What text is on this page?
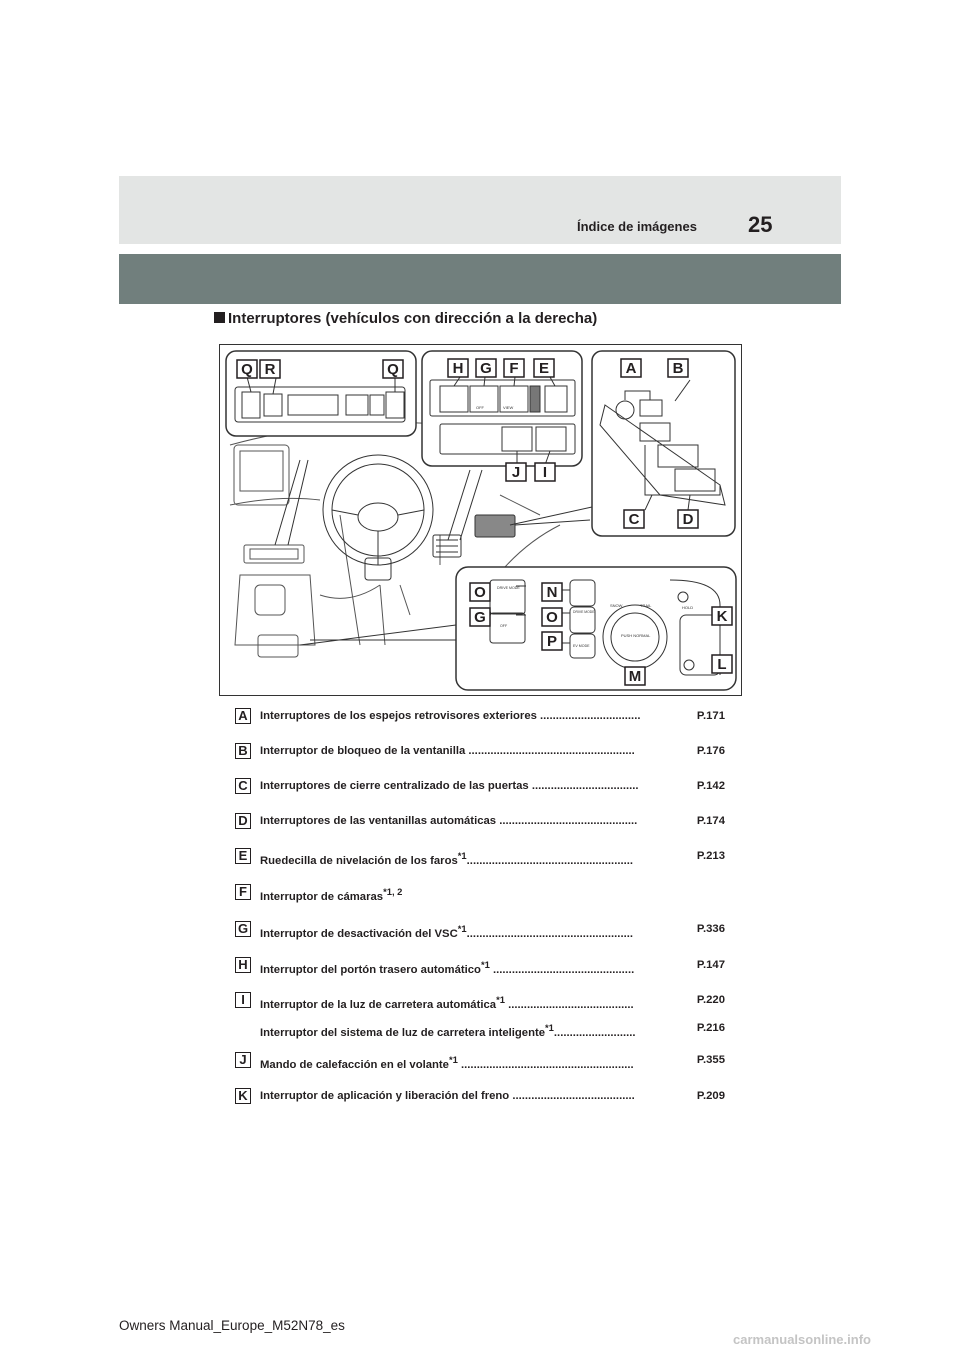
Índice de imágenes 25
Interruptores (vehículos con dirección a la derecha)
VIEW
OFF
DRIVE MODE
OFF
DRIVE MODE
EV MODE
PUSH NORMAL
SNOW	TRAIL	HOLD
Q R	Q	H G F E	A B
J I
C	D
O	N
G	O
P
K
M
L
A Interruptores de los espejos retrovisores exteriores ................................	P.171
B Interruptor de bloqueo de la ventanilla .....................................................	P.176
C Interruptores de cierre centralizado de las puertas ..................................	P.142
D Interruptores de las ventanillas automáticas ............................................	P.174
E	Ruedecilla de nivelación de los faros$^{*1}$.....................................................	P.213
F	Interruptor de cámaras$^{*1, 2}$
G Interruptor de desactivación del VSC$^{*1}$.....................................................	P.336
H Interruptor del portón trasero automático$^{*1}$ .............................................	P.147
I	Interruptor de la luz de carretera automática$^{*1}$ ........................................	P.220
Interruptor del sistema de luz de carretera inteligente$^{*1}$..........................	P.216
J	Mando de calefacción en el volante$^{*1}$ .......................................................	P.355
K Interruptor de aplicación y liberación del freno .......................................	P.209
Owners Manual_Europe_M52N78_es
carmanualsonline.info
